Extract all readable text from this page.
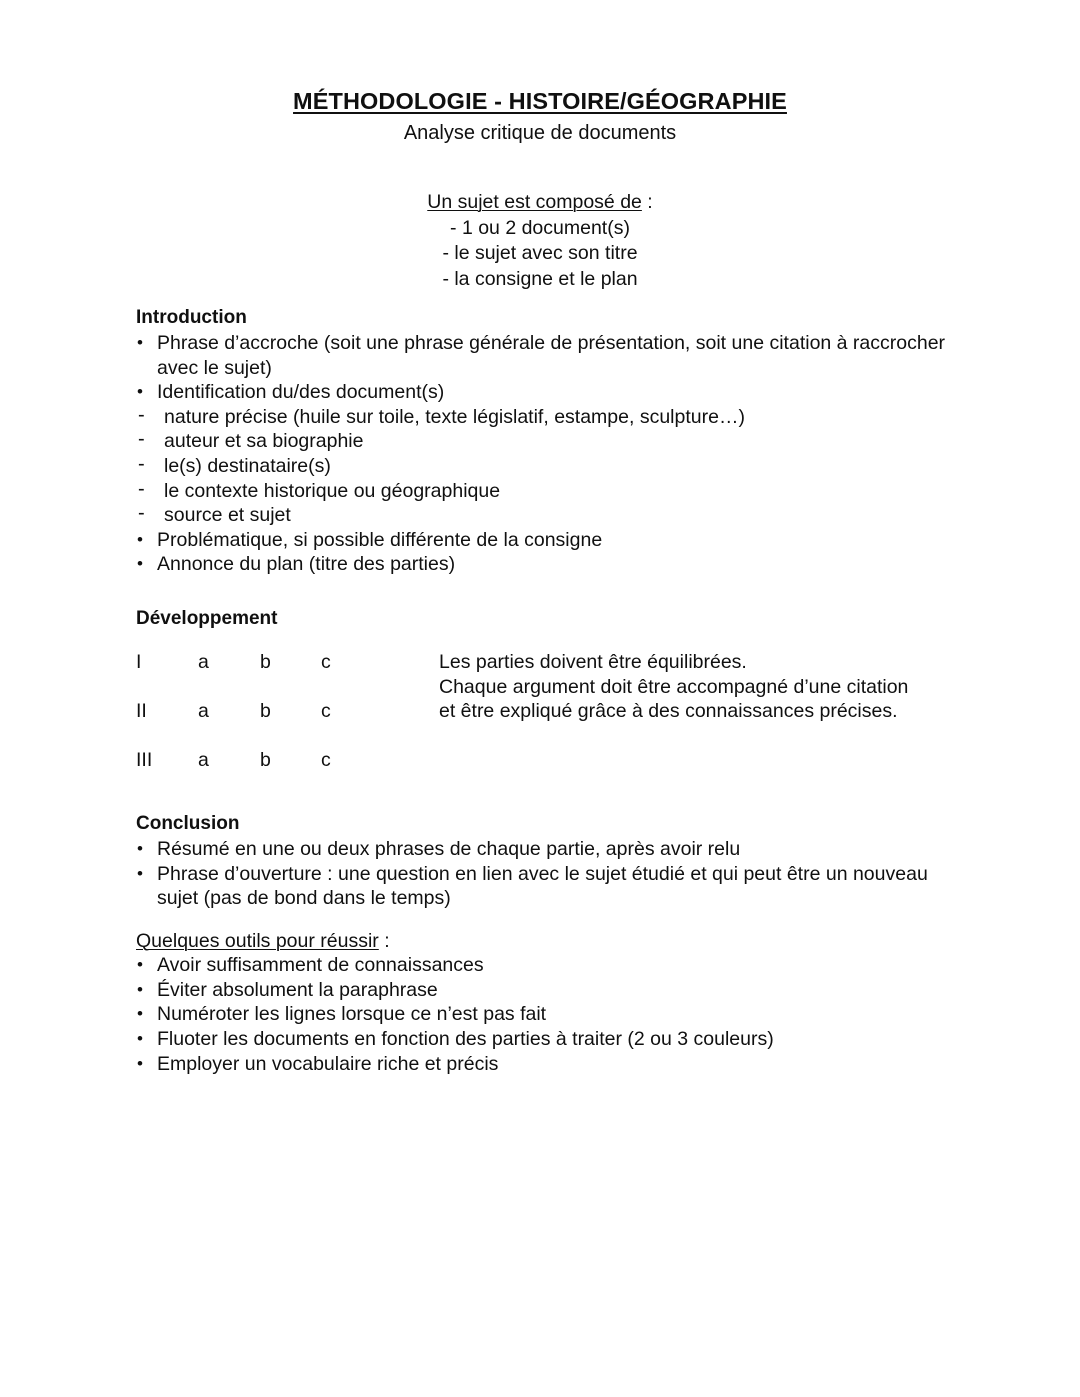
MÉTHODOLOGIE - HISTOIRE/GÉOGRAPHIE
Analyse critique de documents
Un sujet est composé de :
- 1 ou 2 document(s)
- le sujet avec son titre
- la consigne et le plan
Introduction
• Phrase d’accroche (soit une phrase générale de présentation, soit une citation à raccrocher avec le sujet)
• Identification du/des document(s)
- nature précise (huile sur toile, texte législatif, estampe, sculpture…)
- auteur et sa biographie
- le(s) destinataire(s)
- le contexte historique ou géographique
- source et sujet
• Problématique, si possible différente de la consigne
• Annonce du plan (titre des parties)
Développement
I	a	b	c
II	a	b	c
III a	b	c
Les parties doivent être équilibrées.
Chaque argument doit être accompagné d’une citation
et être expliqué grâce à des connaissances précises.
Conclusion
• Résumé en une ou deux phrases de chaque partie, après avoir relu
• Phrase d’ouverture : une question en lien avec le sujet étudié et qui peut être un nouveau sujet (pas de bond dans le temps)
Quelques outils pour réussir :
• Avoir suffisamment de connaissances
• Éviter absolument la paraphrase
• Numéroter les lignes lorsque ce n’est pas fait
• Fluoter les documents en fonction des parties à traiter (2 ou 3 couleurs)
• Employer un vocabulaire riche et précis
